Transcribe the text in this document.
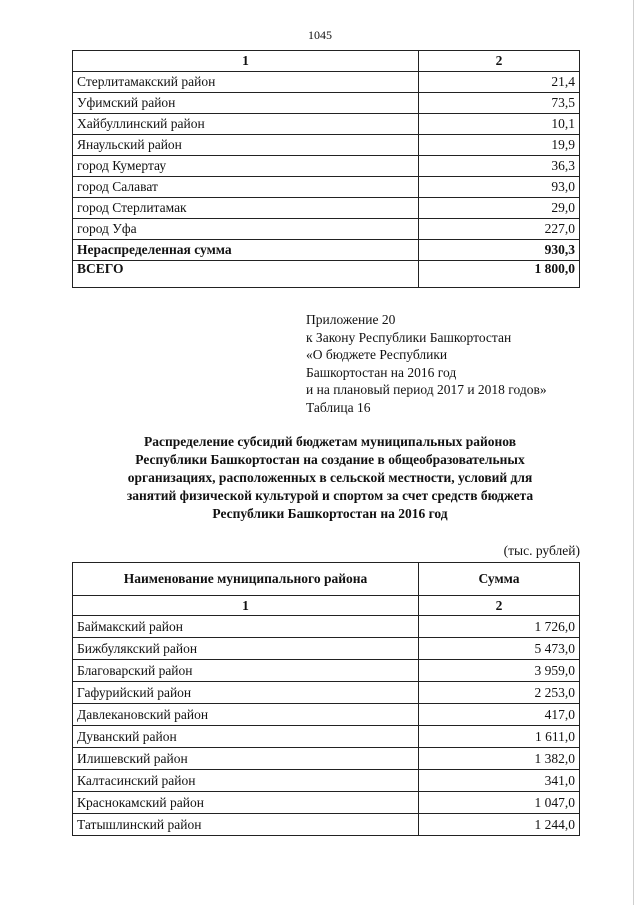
1045
1	2
Стерлитамакский район	21,4
Уфимский район	73,5
Хайбуллинский район	10,1
Янаульский район	19,9
город Кумертау	36,3
город Салават	93,0
город Стерлитамак	29,0
город Уфа	227,0
Нераспределенная сумма	930,3
ВСЕГО	1 800,0
Приложение 20
к Закону Республики Башкортостан
«О бюджете Республики
Башкортостан на 2016 год
и на плановый период 2017 и 2018 годов»
Таблица 16
Распределение субсидий бюджетам муниципальных районов
Республики Башкортостан на создание в общеобразовательных
организациях, расположенных в сельской местности, условий для
занятий физической культурой и спортом за счет средств бюджета
Республики Башкортостан на 2016 год
(тыс. рублей)
Наименование муниципального района	Сумма
1	2
Баймакский район	1 726,0
Бижбулякский район	5 473,0
Благоварский район	3 959,0
Гафурийский район	2 253,0
Давлекановский район	417,0
Дуванский район	1 611,0
Илишевский район	1 382,0
Калтасинский район	341,0
Краснокамский район	1 047,0
Татышлинский район	1 244,0
